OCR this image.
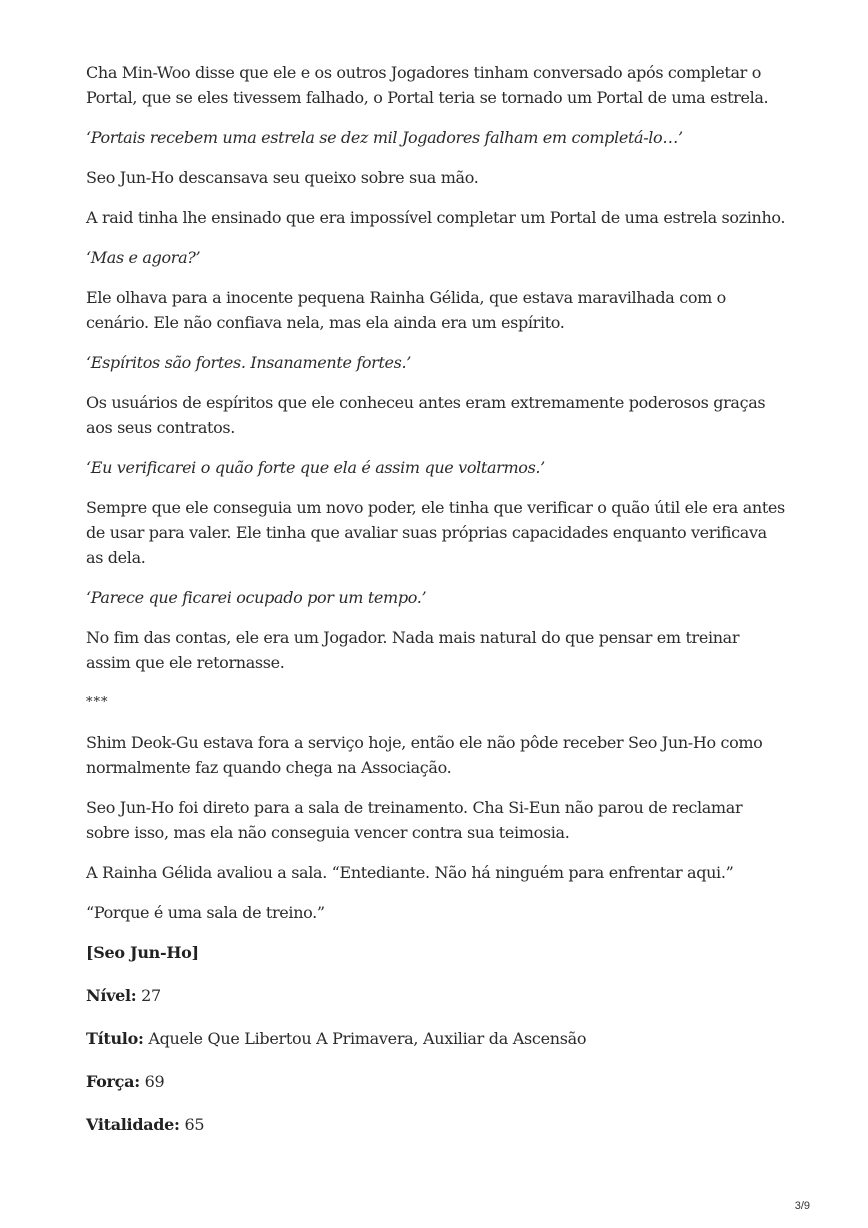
Cha Min-Woo disse que ele e os outros Jogadores tinham conversado após completar o Portal, que se eles tivessem falhado, o Portal teria se tornado um Portal de uma estrela.

‘Portais recebem uma estrela se dez mil Jogadores falham em completá-lo…’

Seo Jun-Ho descansava seu queixo sobre sua mão.

A raid tinha lhe ensinado que era impossível completar um Portal de uma estrela sozinho.

‘Mas e agora?’

Ele olhava para a inocente pequena Rainha Gélida, que estava maravilhada com o cenário. Ele não confiava nela, mas ela ainda era um espírito.

‘Espíritos são fortes. Insanamente fortes.’

Os usuários de espíritos que ele conheceu antes eram extremamente poderosos graças aos seus contratos.

‘Eu verificarei o quão forte que ela é assim que voltarmos.’

Sempre que ele conseguia um novo poder, ele tinha que verificar o quão útil ele era antes de usar para valer. Ele tinha que avaliar suas próprias capacidades enquanto verificava as dela.

‘Parece que ficarei ocupado por um tempo.’

No fim das contas, ele era um Jogador. Nada mais natural do que pensar em treinar assim que ele retornasse.

***

Shim Deok-Gu estava fora a serviço hoje, então ele não pôde receber Seo Jun-Ho como normalmente faz quando chega na Associação.

Seo Jun-Ho foi direto para a sala de treinamento. Cha Si-Eun não parou de reclamar sobre isso, mas ela não conseguia vencer contra sua teimosia.

A Rainha Gélida avaliou a sala. “Entediante. Não há ninguém para enfrentar aqui.”

“Porque é uma sala de treino.”

[Seo Jun-Ho]

Nível: 27

Título: Aquele Que Libertou A Primavera, Auxiliar da Ascensão

Força: 69

Vitalidade: 65

3/9
